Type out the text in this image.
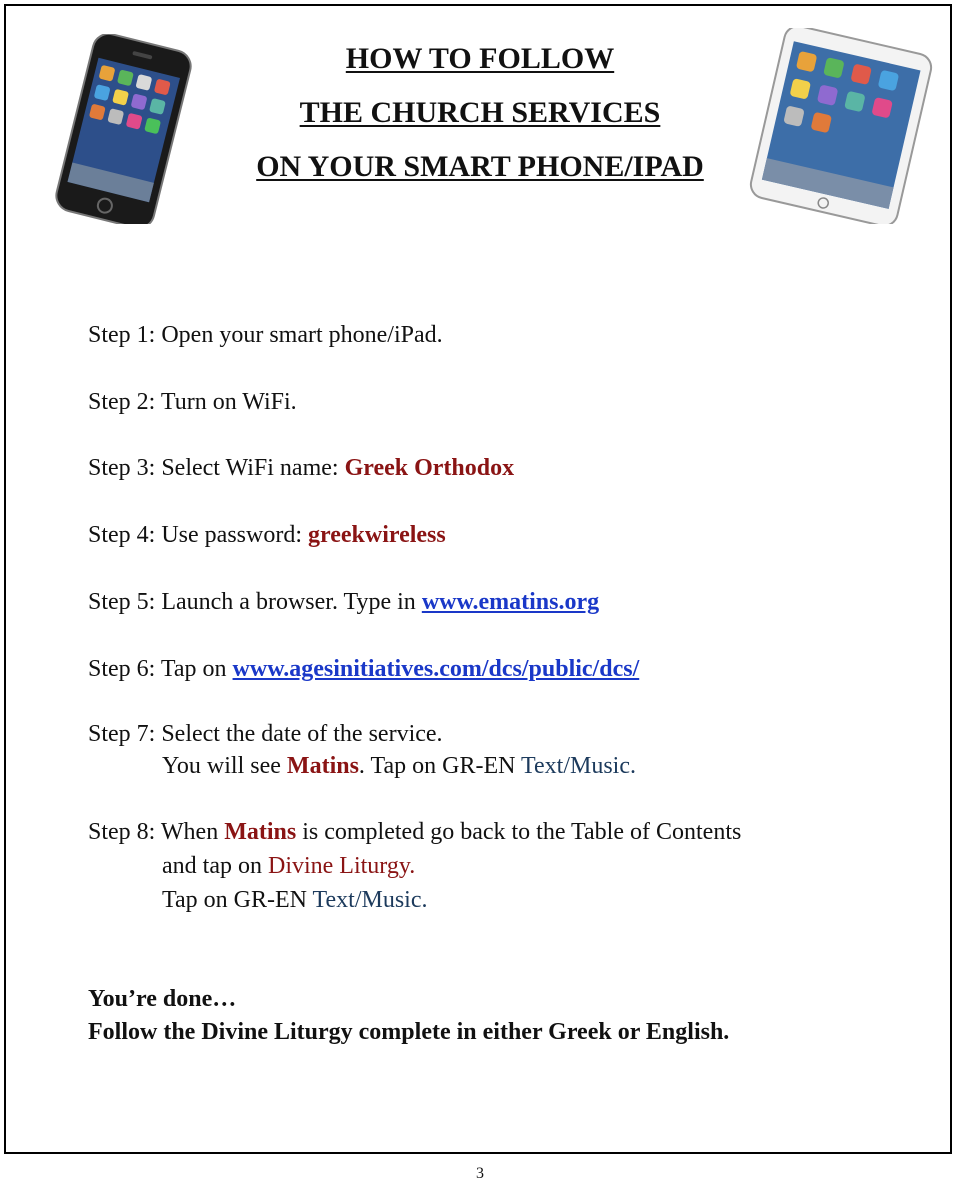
HOW TO FOLLOW
THE CHURCH SERVICES
ON YOUR SMART PHONE/IPAD
Step 1: Open your smart phone/iPad.
Step 2: Turn on WiFi.
Step 3: Select WiFi name: Greek Orthodox
Step 4: Use password: greekwireless
Step 5: Launch a browser. Type in www.ematins.org
Step 6: Tap on www.agesinitiatives.com/dcs/public/dcs/
Step 7: Select the date of the service.
You will see Matins. Tap on GR-EN Text/Music.
Step 8: When Matins is completed go back to the Table of Contents
and tap on Divine Liturgy.
Tap on GR-EN Text/Music.
You’re done…
Follow the Divine Liturgy complete in either Greek or English.
3
